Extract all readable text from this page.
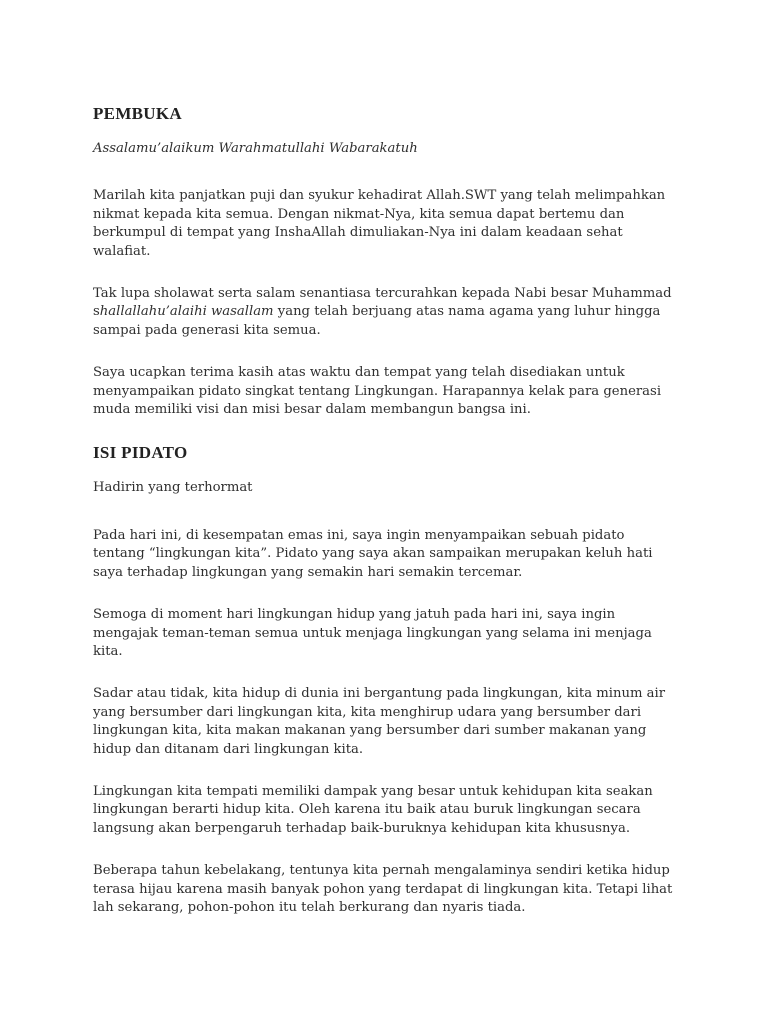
PEMBUKA

Assalamu’alaikum Warahmatullahi Wabarakatuh

Marilah kita panjatkan puji dan syukur kehadirat Allah.SWT yang telah melimpahkan nikmat kepada kita semua. Dengan nikmat-Nya, kita semua dapat bertemu dan berkumpul di tempat yang InshaAllah dimuliakan-Nya ini dalam keadaan sehat walafiat.

Tak lupa sholawat serta salam senantiasa tercurahkan kepada Nabi besar Muhammad shallallahu’alaihi wasallam yang telah berjuang atas nama agama yang luhur hingga sampai pada generasi kita semua.

Saya ucapkan terima kasih atas waktu dan tempat yang telah disediakan untuk menyampaikan pidato singkat tentang Lingkungan. Harapannya kelak para generasi muda memiliki visi dan misi besar dalam membangun bangsa ini.

ISI PIDATO

Hadirin yang terhormat

Pada hari ini, di kesempatan emas ini, saya ingin menyampaikan sebuah pidato tentang “lingkungan kita”. Pidato yang saya akan sampaikan merupakan keluh hati saya terhadap lingkungan yang semakin hari semakin tercemar.

Semoga di moment hari lingkungan hidup yang jatuh pada hari ini, saya ingin mengajak teman-teman semua untuk menjaga lingkungan yang selama ini menjaga kita.

Sadar atau tidak, kita hidup di dunia ini bergantung pada lingkungan, kita minum air yang bersumber dari lingkungan kita, kita menghirup udara yang bersumber dari lingkungan kita, kita makan makanan yang bersumber dari sumber makanan yang hidup dan ditanam dari lingkungan kita.

Lingkungan kita tempati memiliki dampak yang besar untuk kehidupan kita seakan lingkungan berarti hidup kita. Oleh karena itu baik atau buruk lingkungan secara langsung akan berpengaruh terhadap baik-buruknya kehidupan kita khususnya.

Beberapa tahun kebelakang, tentunya kita pernah mengalaminya sendiri ketika hidup terasa hijau karena masih banyak pohon yang terdapat di lingkungan kita. Tetapi lihat lah sekarang, pohon-pohon itu telah berkurang dan nyaris tiada.
